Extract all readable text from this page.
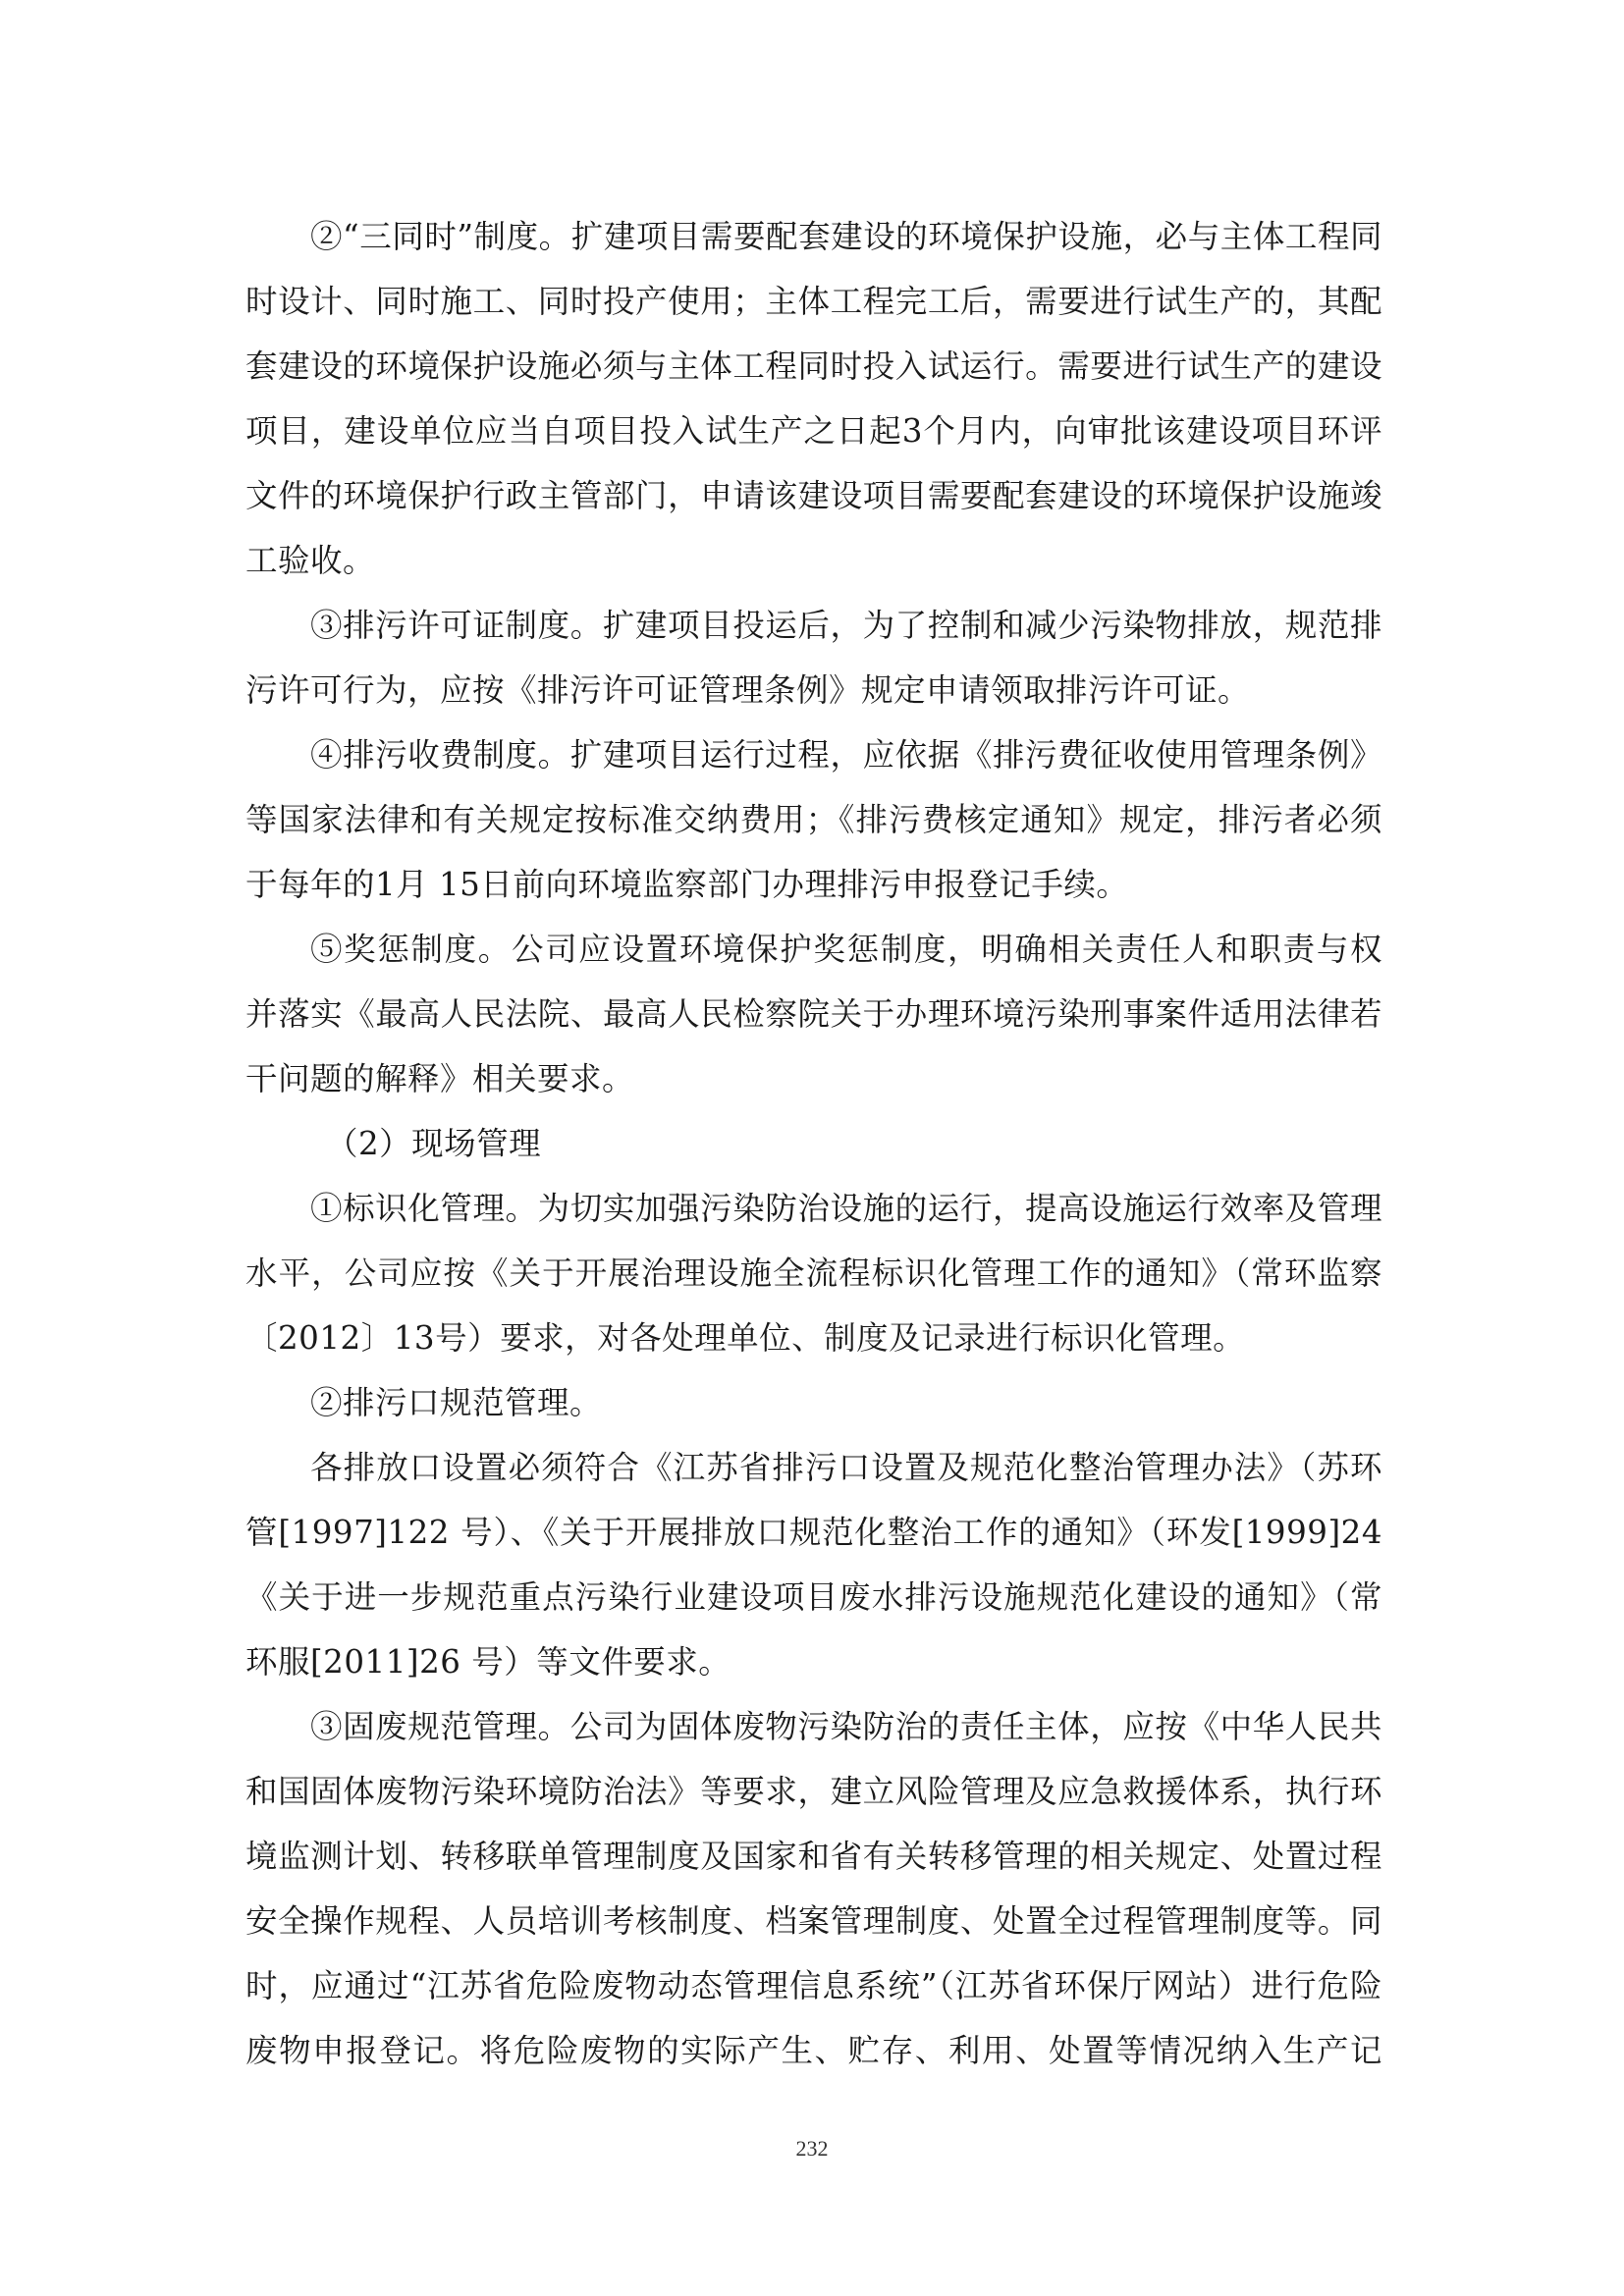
②“三同时”制度。扩建项目需要配套建设的环境保护设施，必与主体工程同
时设计、同时施工、同时投产使用；主体工程完工后，需要进行试生产的，其配
套建设的环境保护设施必须与主体工程同时投入试运行。需要进行试生产的建设
项目，建设单位应当自项目投入试生产之日起3个月内，向审批该建设项目环评
文件的环境保护行政主管部门，申请该建设项目需要配套建设的环境保护设施竣
工验收。
③排污许可证制度。扩建项目投运后，为了控制和减少污染物排放，规范排
污许可行为，应按《排污许可证管理条例》规定申请领取排污许可证。
④排污收费制度。扩建项目运行过程，应依据《排污费征收使用管理条例》
等国家法律和有关规定按标准交纳费用；《排污费核定通知》规定，排污者必须
于每年的1月 15日前向环境监察部门办理排污申报登记手续。
⑤奖惩制度。公司应设置环境保护奖惩制度，明确相关责任人和职责与权
并落实《最高人民法院、最高人民检察院关于办理环境污染刑事案件适用法律若
干问题的解释》相关要求。
（2）现场管理
①标识化管理。为切实加强污染防治设施的运行，提高设施运行效率及管理
水平，公司应按《关于开展治理设施全流程标识化管理工作的通知》（常环监察
〔2012〕13号）要求，对各处理单位、制度及记录进行标识化管理。
②排污口规范管理。
各排放口设置必须符合《江苏省排污口设置及规范化整治管理办法》（苏环
管[1997]122 号）、《关于开展排放口规范化整治工作的通知》（环发[1999]24
《关于进一步规范重点污染行业建设项目废水排污设施规范化建设的通知》（常
环服[2011]26 号）等文件要求。
③固废规范管理。公司为固体废物污染防治的责任主体，应按《中华人民共
和国固体废物污染环境防治法》等要求，建立风险管理及应急救援体系，执行环
境监测计划、转移联单管理制度及国家和省有关转移管理的相关规定、处置过程
安全操作规程、人员培训考核制度、档案管理制度、处置全过程管理制度等。同
时，应通过“江苏省危险废物动态管理信息系统”（江苏省环保厅网站）进行危险
废物申报登记。将危险废物的实际产生、贮存、利用、处置等情况纳入生产记
232
